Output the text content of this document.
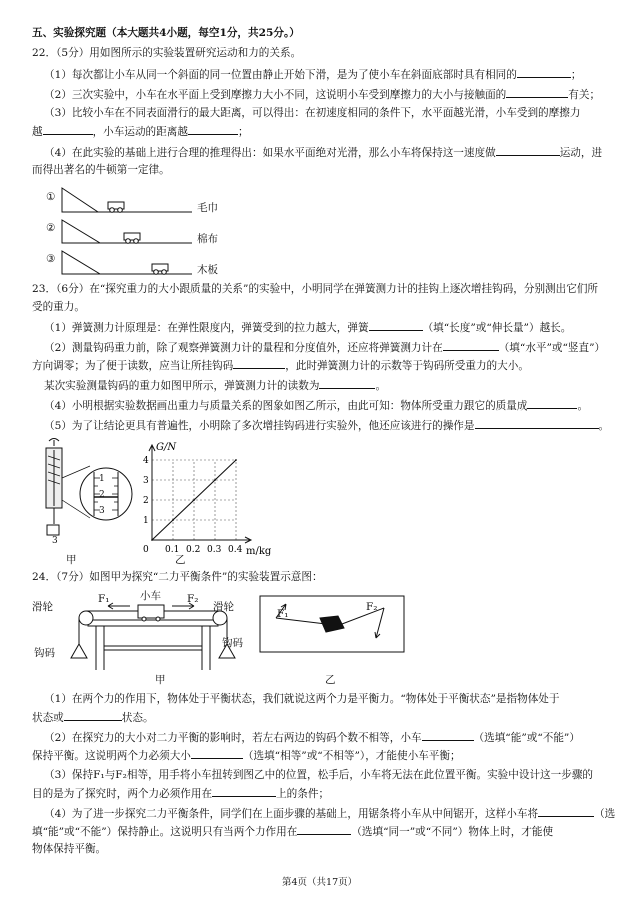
五、实验探究题（本大题共4小题，每空1分，共25分。）
22．（5分）用如图所示的实验装置研究运动和力的关系。
（1）每次都让小车从同一个斜面的同一位置由静止开始下滑，是为了使小车在斜面底部时具有相同的	；
（2）三次实验中，小车在水平面上受到摩擦力大小不同，这说明小车受到摩擦力的大小与接触面的	有关；
（3）比较小车在不同表面滑行的最大距离，可以得出：在初速度相同的条件下，水平面越光滑，小车受到的摩擦力
越	，小车运动的距离越	；
（4）在此实验的基础上进行合理的推理得出：如果水平面绝对光滑，那么小车将保持这一速度做	运动，进
而得出著名的牛顿第一定律。
①
②
③
毛巾
棉布
木板
23．（6分）在“探究重力的大小跟质量的关系”的实验中，小明同学在弹簧测力计的挂钩上逐次增挂钩码，分别测出它们所
受的重力。
（1）弹簧测力计原理是：在弹性限度内，弹簧受到的拉力越大，弹簧	（填“长度”或“伸长量”）越长。
（2）测量钩码重力前，除了观察弹簧测力计的量程和分度值外，还应将弹簧测力计在	（填“水平”或“竖直”）
方向调零；为了便于读数，应当让所挂钩码	，此时弹簧测力计的示数等于钩码所受重力的大小。
某次实验测量钩码的重力如图甲所示，弹簧测力计的读数为	。
（4）小明根据实验数据画出重力与质量关系的图象如图乙所示，由此可知：物体所受重力跟它的质量成	。
（5）为了让结论更具有普遍性，小明除了多次增挂钩码进行实验外，他还应该进行的操作是	。
1
2
3
3
甲
1
2
3
4
0 0.1 0.2 0.3 0.4
G/N
m/kg
乙
24．（7分）如图甲为探究“二力平衡条件”的实验装置示意图：
滑轮	滑轮
小车
F₁	F₂
钩码
钩码
甲
F₁
F₂
乙
（1）在两个力的作用下，物体处于平衡状态，我们就说这两个力是平衡力。“物体处于平衡状态”是指物体处于
状态或	状态。
（2）在探究力的大小对二力平衡的影响时，若左右两边的钩码个数不相等，小车	（选填“能”或“不能”）
保持平衡。这说明两个力必须大小	（选填“相等”或“不相等”），才能使小车平衡；
（3）保持F₁与F₂相等，用手将小车扭转到图乙中的位置，松手后，小车将无法在此位置平衡。实验中设计这一步骤的
目的是为了探究时，两个力必须作用在	上的条件；
（4）为了进一步探究二力平衡条件，同学们在上面步骤的基础上，用锯条将小车从中间锯开，这样小车将	（选
填“能”或“不能”）保持静止。这说明只有当两个力作用在	（选填“同一”或“不同”）物体上时，才能使
物体保持平衡。
第4页（共17页）
